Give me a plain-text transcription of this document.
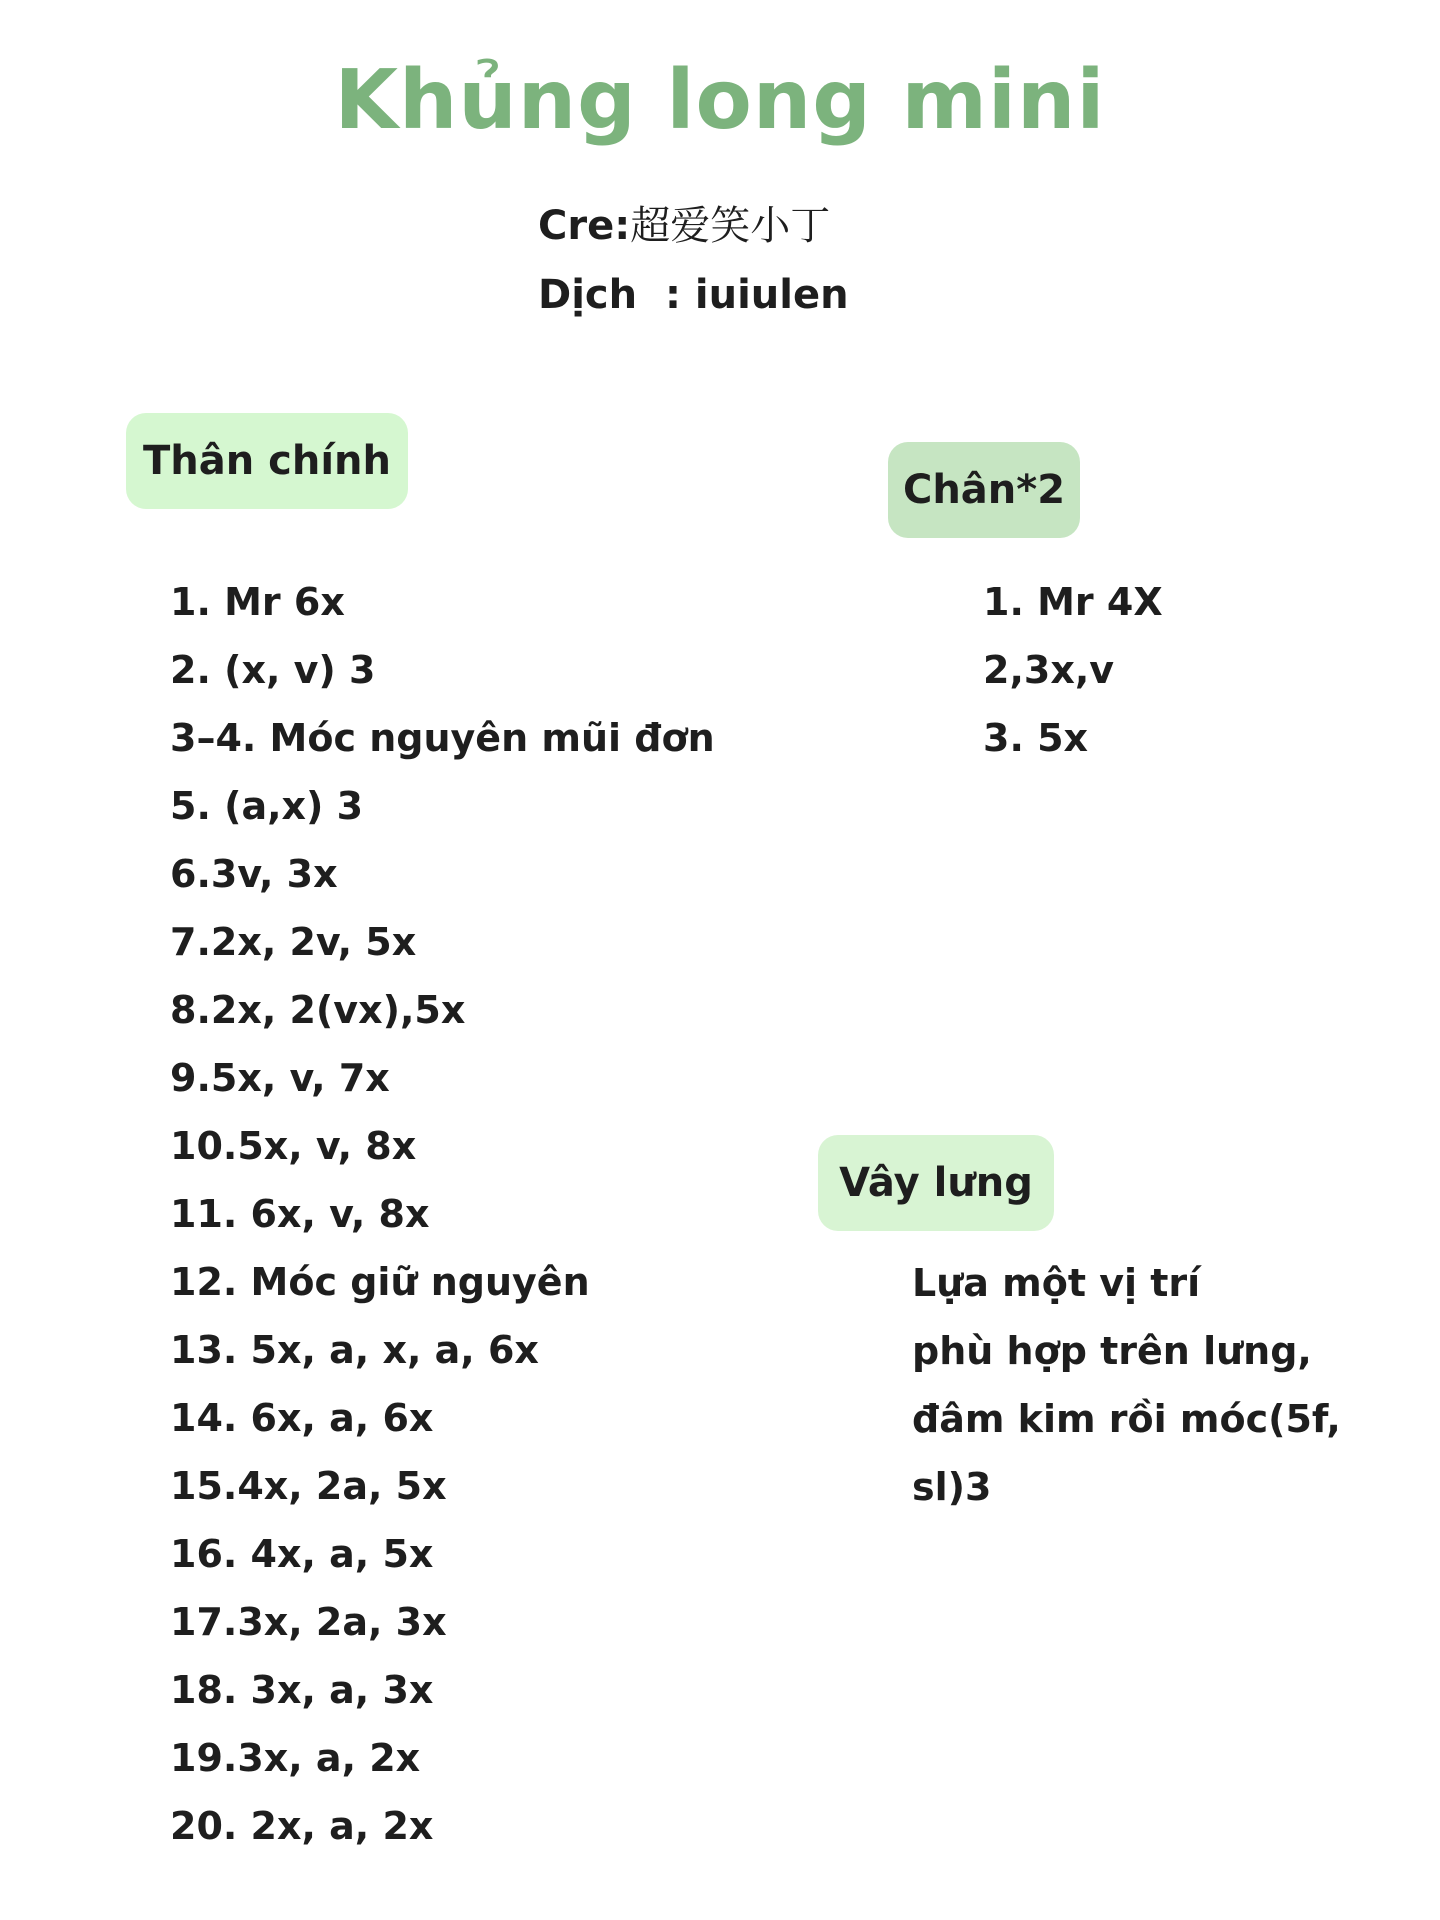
Khủng long mini
Cre:超爱笑小丁
Dịch  : iuiulen
Thân chính
1. Mr 6x
2. (x, v) 3
3–4. Móc nguyên mũi đơn
5. (a,x) 3
6.3v, 3x
7.2x, 2v, 5x
8.2x, 2(vx),5x
9.5x, v, 7x
10.5x, v, 8x
11. 6x, v, 8x
12. Móc giữ nguyên
13. 5x, a, x, a, 6x
14. 6x, a, 6x
15.4x, 2a, 5x
16. 4x, a, 5x
17.3x, 2a, 3x
18. 3x, a, 3x
19.3x, a, 2x
20. 2x, a, 2x
Chân*2
1. Mr 4X
2,3x,v
3. 5x
Vây lưng
Lựa một vị trí
phù hợp trên lưng,
đâm kim rồi móc(5f,
sl)3
